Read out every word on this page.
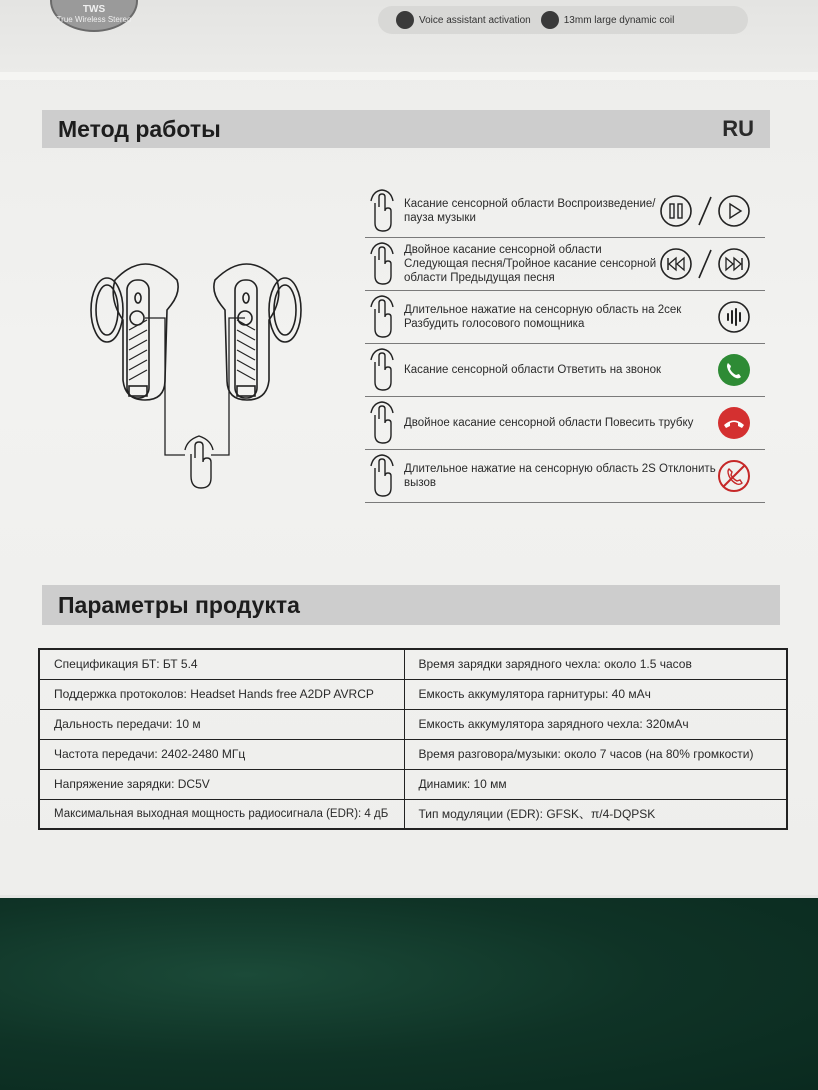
TWS
True Wireless Stereo	Voice assistant activation	13mm large dynamic coil
Метод работы	RU
Касание сенсорной области Воспроизведение/пауза музыки
Двойное касание сенсорной области Следующая песня/Тройное касание сенсорной области Предыдущая песня
Длительное нажатие на сенсорную область на 2сек Разбудить голосового помощника
Касание сенсорной области Ответить на звонок
Двойное касание сенсорной области Повесить трубку
Длительное нажатие на сенсорную область 2S Отклонить вызов
Параметры продукта
Спецификация БТ: БТ 5.4	Время зарядки зарядного чехла: около 1.5 часов
Поддержка протоколов: Headset Hands free A2DP AVRCP	Емкость аккумулятора гарнитуры: 40 мАч
Дальность передачи: 10 м	Емкость аккумулятора зарядного чехла: 320мАч
Частота передачи: 2402-2480 МГц	Время разговора/музыки: около 7 часов (на 80% громкости)
Напряжение зарядки: DC5V	Динамик: 10 мм
Максимальная выходная мощность радиосигнала (EDR): 4 дБ	Тип модуляции (EDR): GFSK、π/4-DQPSK
